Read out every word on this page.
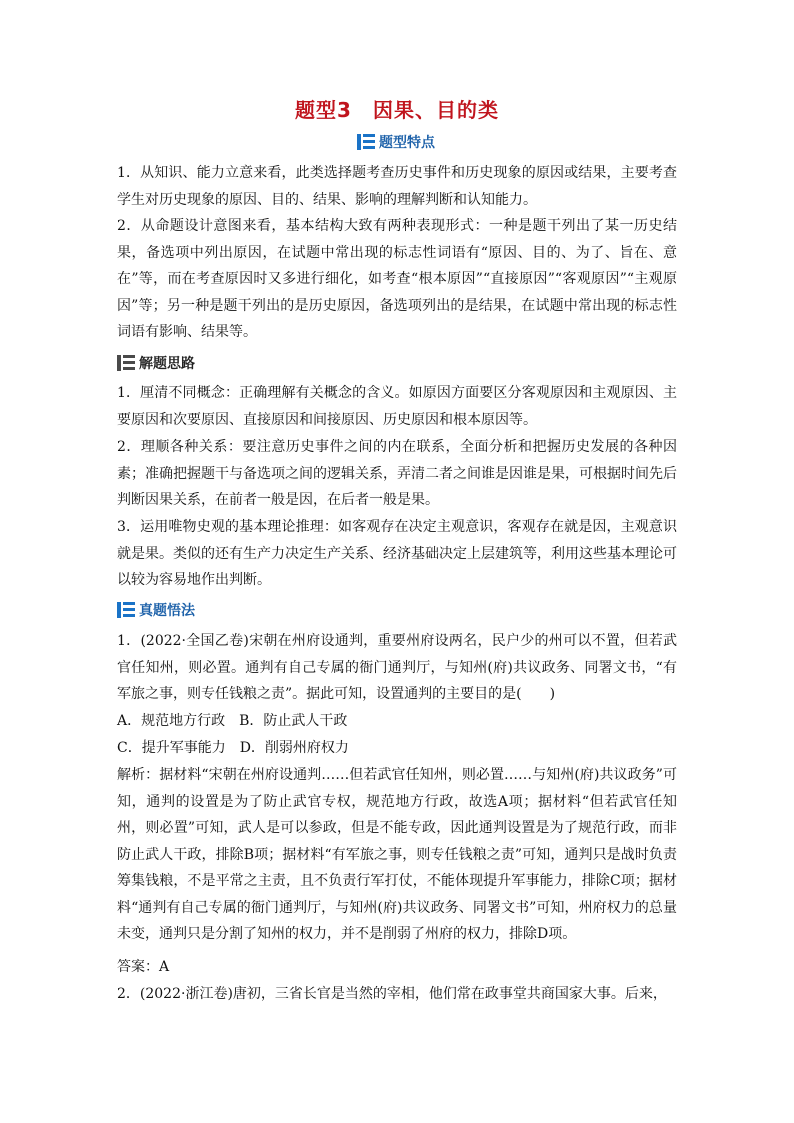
题型3　因果、目的类
题型特点

1．从知识、能力立意来看，此类选择题考查历史事件和历史现象的原因或结果，主要考查学生对历史现象的原因、目的、结果、影响的理解判断和认知能力。

2．从命题设计意图来看，基本结构大致有两种表现形式：一种是题干列出了某一历史结果，备选项中列出原因，在试题中常出现的标志性词语有“原因、目的、为了、旨在、意在”等，而在考查原因时又多进行细化，如考查“根本原因”“直接原因”“客观原因”“主观原因”等；另一种是题干列出的是历史原因，备选项列出的是结果，在试题中常出现的标志性词语有影响、结果等。

解题思路

1．厘清不同概念：正确理解有关概念的含义。如原因方面要区分客观原因和主观原因、主要原因和次要原因、直接原因和间接原因、历史原因和根本原因等。

2．理顺各种关系：要注意历史事件之间的内在联系，全面分析和把握历史发展的各种因素；准确把握题干与备选项之间的逻辑关系，弄清二者之间谁是因谁是果，可根据时间先后判断因果关系，在前者一般是因，在后者一般是果。

3．运用唯物史观的基本理论推理：如客观存在决定主观意识，客观存在就是因，主观意识就是果。类似的还有生产力决定生产关系、经济基础决定上层建筑等，利用这些基本理论可以较为容易地作出判断。

真题悟法

1．(2022·全国乙卷)宋朝在州府设通判，重要州府设两名，民户少的州可以不置，但若武官任知州，则必置。通判有自己专属的衙门通判厅，与知州(府)共议政务、同署文书，“有军旅之事，则专任钱粮之责”。据此可知，设置通判的主要目的是(　　)

A．规范地方行政　B．防止武人干政

C．提升军事能力　D．削弱州府权力

解析：据材料“宋朝在州府设通判……但若武官任知州，则必置……与知州(府)共议政务”可知，通判的设置是为了防止武官专权，规范地方行政，故选A项；据材料“但若武官任知州，则必置”可知，武人是可以参政，但是不能专政，因此通判设置是为了规范行政，而非防止武人干政，排除B项；据材料“有军旅之事，则专任钱粮之责”可知，通判只是战时负责筹集钱粮，不是平常之主责，且不负责行军打仗，不能体现提升军事能力，排除C项；据材料“通判有自己专属的衙门通判厅，与知州(府)共议政务、同署文书”可知，州府权力的总量未变，通判只是分割了知州的权力，并不是削弱了州府的权力，排除D项。

答案：A

2．(2022·浙江卷)唐初，三省长官是当然的宰相，他们常在政事堂共商国家大事。后来，
